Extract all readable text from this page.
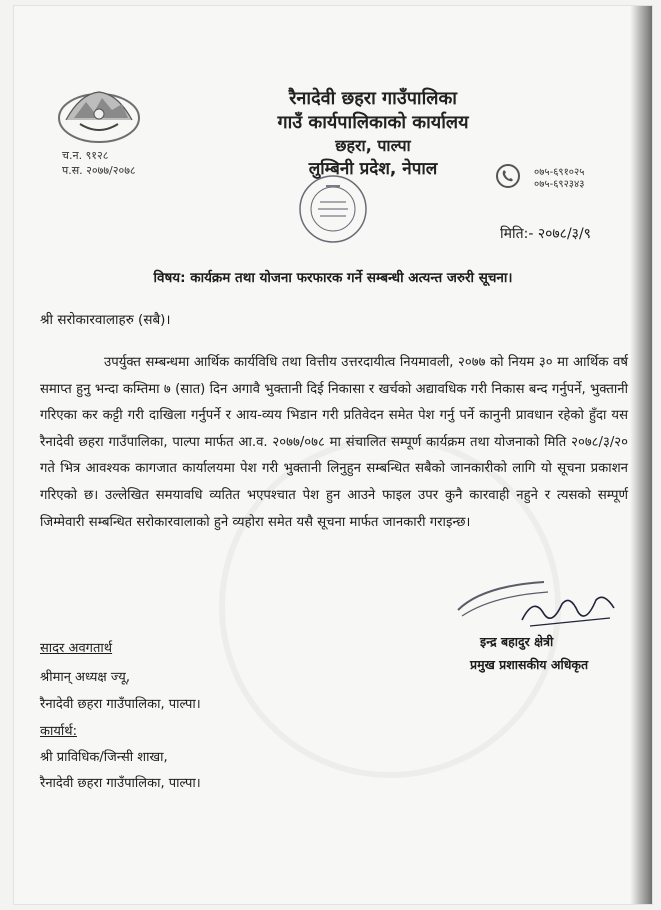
च.न. ९१२८
प.स. २०७७/२०७८
रैनादेवी छहरा गाउँपालिका
गाउँ कार्यपालिकाको कार्यालय
छहरा, पाल्पा
लुम्बिनी प्रदेश, नेपाल	०७५-६९१०२५
०७५-६९२३४३
मिति:- २०७८/३/९
विषय: कार्यक्रम तथा योजना फरफारक गर्ने सम्बन्धी अत्यन्त जरुरी सूचना।
श्री सरोकारवालाहरु (सबै)।

उपर्युक्त सम्बन्धमा आर्थिक कार्यविधि तथा वित्तीय उत्तरदायीत्व नियमावली, २०७७ को नियम ३० मा आर्थिक वर्ष समाप्त हुनु भन्दा कम्तिमा ७ (सात) दिन अगावै भुक्तानी दिई निकासा र खर्चको अद्यावधिक गरी निकास बन्द गर्नुपर्ने, भुक्तानी गरिएका कर कट्टी गरी दाखिला गर्नुपर्ने र आय-व्यय भिडान गरी प्रतिवेदन समेत पेश गर्नु पर्ने कानुनी प्रावधान रहेको हुँदा यस रैनादेवी छहरा गाउँपालिका, पाल्पा मार्फत आ.व. २०७७/०७८ मा संचालित सम्पूर्ण कार्यक्रम तथा योजनाको मिति २०७८/३/२० गते भित्र आवश्यक कागजात कार्यालयमा पेश गरी भुक्तानी लिनुहुन सम्बन्धित सबैको जानकारीको लागि यो सूचना प्रकाशन गरिएको छ। उल्लेखित समयावधि व्यतित भएपश्चात पेश हुन आउने फाइल उपर कुनै कारवाही नहुने र त्यसको सम्पूर्ण जिम्मेवारी सम्बन्धित सरोकारवालाको हुने व्यहोरा समेत यसै सूचना मार्फत जानकारी गराइन्छ।

इन्द्र बहादुर क्षेत्री
प्रमुख प्रशासकीय अधिकृत
सादर अवगतार्थ
श्रीमान् अध्यक्ष ज्यू,
रैनादेवी छहरा गाउँपालिका, पाल्पा।
कार्यार्थ:
श्री प्राविधिक/जिन्सी शाखा,
रैनादेवी छहरा गाउँपालिका, पाल्पा।
